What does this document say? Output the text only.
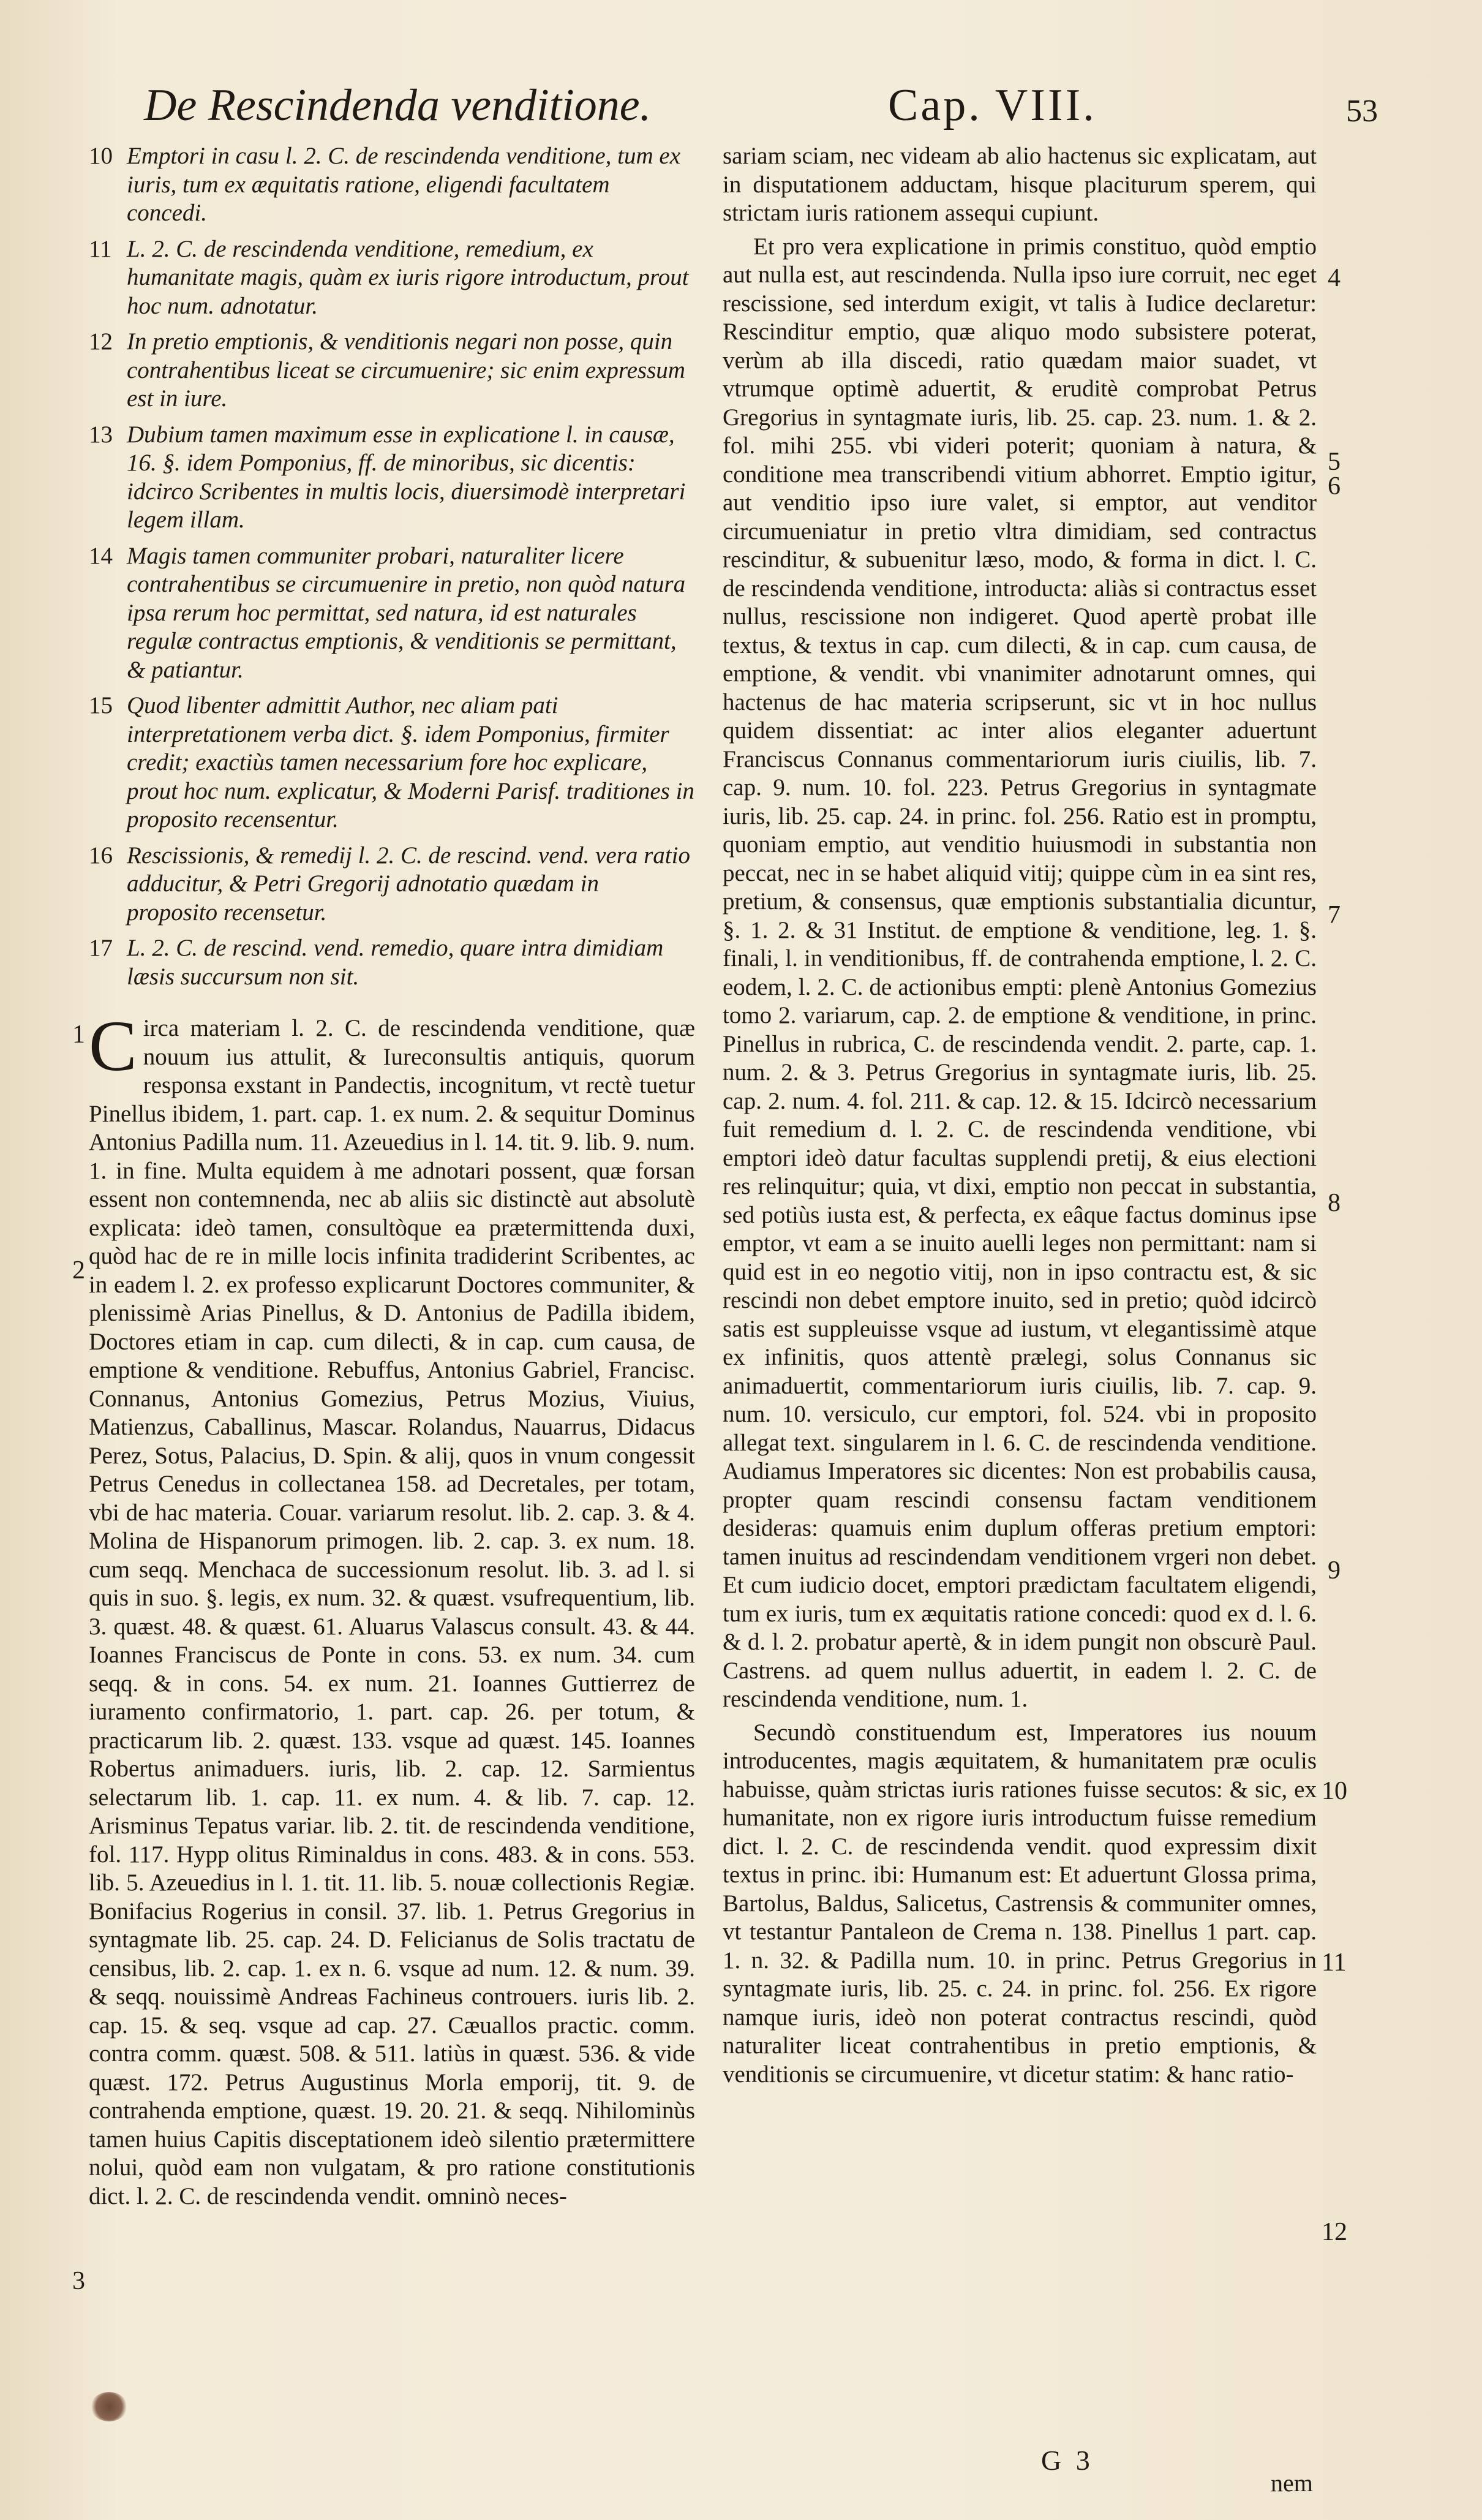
De Rescindenda venditione.	Cap. VIII.	53
10 Emptori in casu l. 2. C. de rescindenda venditione, tum ex iuris, tum ex æquitatis ratione, eligendi facultatem concedi.
11 L. 2. C. de rescindenda venditione, remedium, ex humanitate magis, quàm ex iuris rigore introductum, prout hoc num. adnotatur.
12 In pretio emptionis, & venditionis negari non posse, quin contrahentibus liceat se circumuenire; sic enim expressum est in iure.
13 Dubium tamen maximum esse in explicatione l. in causæ, 16. §. idem Pomponius, ff. de minoribus, sic dicentis: idcirco Scribentes in multis locis, diuersimodè interpretari legem illam.
14 Magis tamen communiter probari, naturaliter licere contrahentibus se circumuenire in pretio, non quòd natura ipsa rerum hoc permittat, sed natura, id est naturales regulæ contractus emptionis, & venditionis se permittant, & patiantur.
15 Quod libenter admittit Author, nec aliam pati interpretationem verba dict. §. idem Pomponius, firmiter credit; exactiùs tamen necessarium fore hoc explicare, prout hoc num. explicatur, & Moderni Parisf. traditiones in proposito recensentur.
16 Rescissionis, & remedij l. 2. C. de rescind. vend. vera ratio adducitur, & Petri Gregorij adnotatio quædam in proposito recensetur.
17 L. 2. C. de rescind. vend. remedio, quare intra dimidiam læsis succursum non sit.

Circa materiam l. 2. C. de rescindenda venditione, quæ nouum ius attulit, & Iureconsultis antiquis, quorum responsa exstant in Pandectis, incognitum, vt rectè tuetur Pinellus ibidem, 1. part. cap. 1. ex num. 2. & sequitur Dominus Antonius Padilla num. 11. Azeuedius in l. 14. tit. 9. lib. 9. num. 1. in fine. Multa equidem à me adnotari possent, quæ forsan essent non contemnenda, nec ab aliis sic distinctè aut absolutè explicata: ideò tamen, consultòque ea prætermittenda duxi, quòd hac de re in mille locis infinita tradiderint Scribentes, ac in eadem l. 2. ex professo explicarunt Doctores communiter, & plenissimè Arias Pinellus, & D. Antonius de Padilla ibidem, Doctores etiam in cap. cum dilecti, & in cap. cum causa, de emptione & venditione. Rebuffus, Antonius Gabriel, Francisc. Connanus, Antonius Gomezius, Petrus Mozius, Viuius, Matienzus, Caballinus, Mascar. Rolandus, Nauarrus, Didacus Perez, Sotus, Palacius, D. Spin. & alij, quos in vnum congessit Petrus Cenedus in collectanea 158. ad Decretales, per totam, vbi de hac materia. Couar. variarum resolut. lib. 2. cap. 3. & 4. Molina de Hispanorum primogen. lib. 2. cap. 3. ex num. 18. cum seqq. Menchaca de successionum resolut. lib. 3. ad l. si quis in suo. §. legis, ex num. 32. & quæst. vsufrequentium, lib. 3. quæst. 48. & quæst. 61. Aluarus Valascus consult. 43. & 44. Ioannes Franciscus de Ponte in cons. 53. ex num. 34. cum seqq. & in cons. 54. ex num. 21. Ioannes Guttierrez de iuramento confirmatorio, 1. part. cap. 26. per totum, & practicarum lib. 2. quæst. 133. vsque ad quæst. 145. Ioannes Robertus animaduers. iuris, lib. 2. cap. 12. Sarmientus selectarum lib. 1. cap. 11. ex num. 4. & lib. 7. cap. 12. Arisminus Tepatus variar. lib. 2. tit. de rescindenda venditione, fol. 117. Hypp olitus Riminaldus in cons. 483. & in cons. 553. lib. 5. Azeuedius in l. 1. tit. 11. lib. 5. nouæ collectionis Regiæ. Bonifacius Rogerius in consil. 37. lib. 1. Petrus Gregorius in syntagmate lib. 25. cap. 24. D. Felicianus de Solis tractatu de censibus, lib. 2. cap. 1. ex n. 6. vsque ad num. 12. & num. 39. & seqq. nouissimè Andreas Fachineus controuers. iuris lib. 2. cap. 15. & seq. vsque ad cap. 27. Cæuallos practic. comm. contra comm. quæst. 508. & 511. latiùs in quæst. 536. & vide quæst. 172. Petrus Augustinus Morla emporij, tit. 9. de contrahenda emptione, quæst. 19. 20. 21. & seqq. Nihilominùs tamen huius Capitis disceptationem ideò silentio prætermittere nolui, quòd eam non vulgatam, & pro ratione constitutionis dict. l. 2. C. de rescindenda vendit. omninò neces-

sariam sciam, nec videam ab alio hactenus sic explicatam, aut in disputationem adductam, hisque placiturum sperem, qui strictam iuris rationem assequi cupiunt.

Et pro vera explicatione in primis constituo, quòd emptio aut nulla est, aut rescindenda. Nulla ipso iure corruit, nec eget rescissione, sed interdum exigit, vt talis à Iudice declaretur: Rescinditur emptio, quæ aliquo modo subsistere poterat, verùm ab illa discedi, ratio quædam maior suadet, vt vtrumque optimè aduertit, & eruditè comprobat Petrus Gregorius in syntagmate iuris, lib. 25. cap. 23. num. 1. & 2. fol. mihi 255. vbi videri poterit; quoniam à natura, & conditione mea transcribendi vitium abhorret. Emptio igitur, aut venditio ipso iure valet, si emptor, aut venditor circumueniatur in pretio vltra dimidiam, sed contractus rescinditur, & subuenitur læso, modo, & forma in dict. l. C. de rescindenda venditione, introducta: aliàs si contractus esset nullus, rescissione non indigeret. Quod apertè probat ille textus, & textus in cap. cum dilecti, & in cap. cum causa, de emptione, & vendit. vbi vnanimiter adnotarunt omnes, qui hactenus de hac materia scripserunt, sic vt in hoc nullus quidem dissentiat: ac inter alios eleganter aduertunt Franciscus Connanus commentariorum iuris ciuilis, lib. 7. cap. 9. num. 10. fol. 223. Petrus Gregorius in syntagmate iuris, lib. 25. cap. 24. in princ. fol. 256. Ratio est in promptu, quoniam emptio, aut venditio huiusmodi in substantia non peccat, nec in se habet aliquid vitij; quippe cùm in ea sint res, pretium, & consensus, quæ emptionis substantialia dicuntur, §. 1. 2. & 31 Institut. de emptione & venditione, leg. 1. §. finali, l. in venditionibus, ff. de contrahenda emptione, l. 2. C. eodem, l. 2. C. de actionibus empti: plenè Antonius Gomezius tomo 2. variarum, cap. 2. de emptione & venditione, in princ. Pinellus in rubrica, C. de rescindenda vendit. 2. parte, cap. 1. num. 2. & 3. Petrus Gregorius in syntagmate iuris, lib. 25. cap. 2. num. 4. fol. 211. & cap. 12. & 15. Idcircò necessarium fuit remedium d. l. 2. C. de rescindenda venditione, vbi emptori ideò datur facultas supplendi pretij, & eius electioni res relinquitur; quia, vt dixi, emptio non peccat in substantia, sed potiùs iusta est, & perfecta, ex eâque factus dominus ipse emptor, vt eam a se inuito auelli leges non permittant: nam si quid est in eo negotio vitij, non in ipso contractu est, & sic rescindi non debet emptore inuito, sed in pretio; quòd idcircò satis est suppleuisse vsque ad iustum, vt elegantissimè atque ex infinitis, quos attentè prælegi, solus Connanus sic animaduertit, commentariorum iuris ciuilis, lib. 7. cap. 9. num. 10. versiculo, cur emptori, fol. 524. vbi in proposito allegat text. singularem in l. 6. C. de rescindenda venditione. Audiamus Imperatores sic dicentes: Non est probabilis causa, propter quam rescindi consensu factam venditionem desideras: quamuis enim duplum offeras pretium emptori: tamen inuitus ad rescindendam venditionem vrgeri non debet. Et cum iudicio docet, emptori prædictam facultatem eligendi, tum ex iuris, tum ex æquitatis ratione concedi: quod ex d. l. 6. & d. l. 2. probatur apertè, & in idem pungit non obscurè Paul. Castrens. ad quem nullus aduertit, in eadem l. 2. C. de rescindenda venditione, num. 1.

Secundò constituendum est, Imperatores ius nouum introducentes, magis æquitatem, & humanitatem præ oculis habuisse, quàm strictas iuris rationes fuisse secutos: & sic, ex humanitate, non ex rigore iuris introductum fuisse remedium dict. l. 2. C. de rescindenda vendit. quod expressim dixit textus in princ. ibi: Humanum est: Et aduertunt Glossa prima, Bartolus, Baldus, Salicetus, Castrensis & communiter omnes, vt testantur Pantaleon de Crema n. 138. Pinellus 1 part. cap. 1. n. 32. & Padilla num. 10. in princ. Petrus Gregorius in syntagmate iuris, lib. 25. c. 24. in princ. fol. 256. Ex rigore namque iuris, ideò non poterat contractus rescindi, quòd naturaliter liceat contrahentibus in pretio emptionis, & venditionis se circumuenire, vt dicetur statim: & hanc ratio-

1
2
3
4
5
6
7
8
9
10
11
12
G 3
nem
